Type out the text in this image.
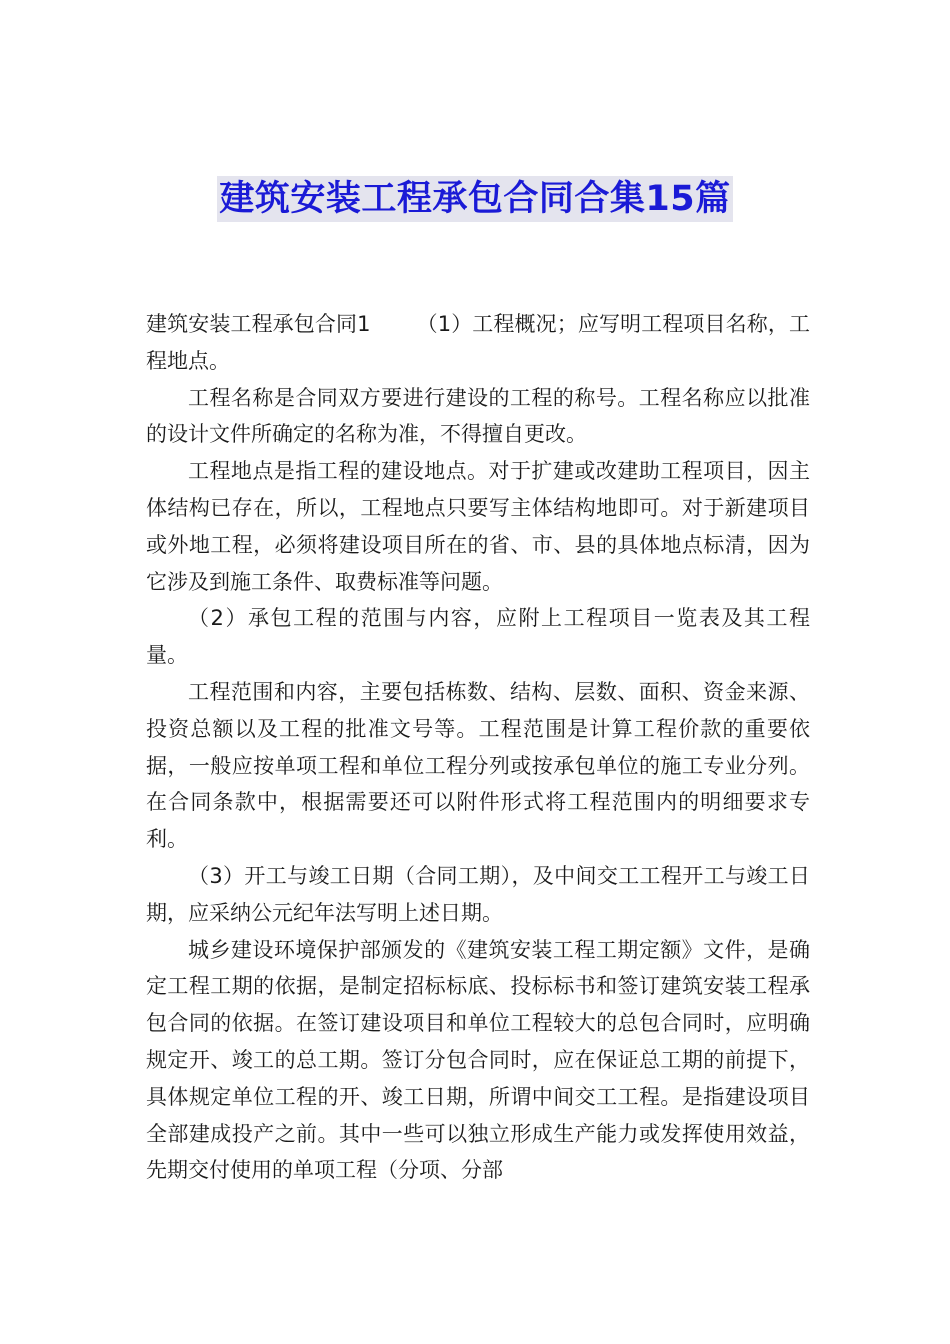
建筑安装工程承包合同合集15篇

建筑安装工程承包合同1 （1）工程概况；应写明工程项目名称，工程地点。

工程名称是合同双方要进行建设的工程的称号。工程名称应以批准的设计文件所确定的名称为准，不得擅自更改。

工程地点是指工程的建设地点。对于扩建或改建助工程项目，因主体结构已存在，所以，工程地点只要写主体结构地即可。对于新建项目或外地工程，必须将建设项目所在的省、市、县的具体地点标清，因为它涉及到施工条件、取费标准等问题。

（2）承包工程的范围与内容，应附上工程项目一览表及其工程量。

工程范围和内容，主要包括栋数、结构、层数、面积、资金来源、投资总额以及工程的批准文号等。工程范围是计算工程价款的重要依据，一般应按单项工程和单位工程分列或按承包单位的施工专业分列。在合同条款中，根据需要还可以附件形式将工程范围内的明细要求专利。

（3）开工与竣工日期（合同工期），及中间交工工程开工与竣工日期，应采纳公元纪年法写明上述日期。

城乡建设环境保护部颁发的《建筑安装工程工期定额》文件，是确定工程工期的依据，是制定招标标底、投标标书和签订建筑安装工程承包合同的依据。在签订建设项目和单位工程较大的总包合同时，应明确规定开、竣工的总工期。签订分包合同时，应在保证总工期的前提下，具体规定单位工程的开、竣工日期，所谓中间交工工程。是指建设项目全部建成投产之前。其中一些可以独立形成生产能力或发挥使用效益，先期交付使用的单项工程（分项、分部
